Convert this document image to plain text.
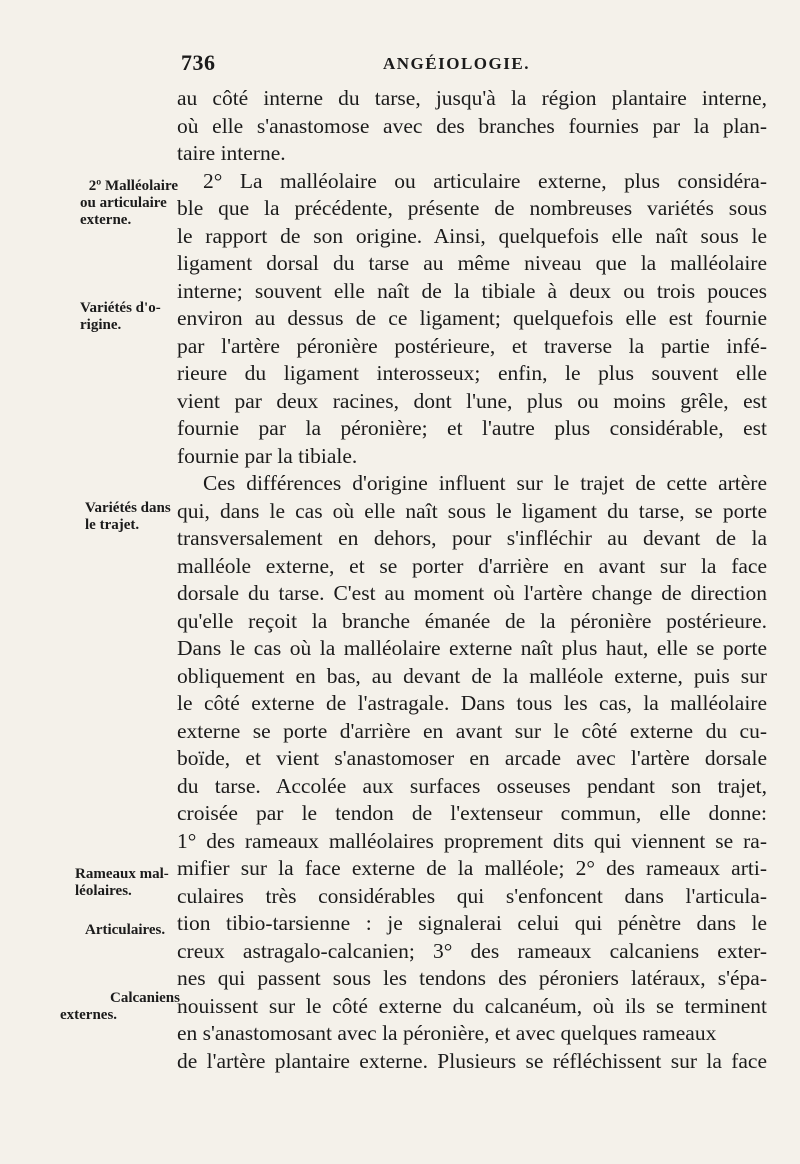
736	ANGÉIOLOGIE.
2º Malléolaire
ou articulaire
externe.
Variétés d'o-
rigine.
Variétés dans
le trajet.
Rameaux mal-
léolaires.
Articulaires.
Calcaniens
externes.
au côté interne du tarse, jusqu'à la région plantaire interne,
où elle s'anastomose avec des branches fournies par la plan-
taire interne.
2° La malléolaire ou articulaire externe, plus considéra-
ble que la précédente, présente de nombreuses variétés sous
le rapport de son origine. Ainsi, quelquefois elle naît sous le
ligament dorsal du tarse au même niveau que la malléolaire
interne; souvent elle naît de la tibiale à deux ou trois pouces
environ au dessus de ce ligament; quelquefois elle est fournie
par l'artère péronière postérieure, et traverse la partie infé-
rieure du ligament interosseux; enfin, le plus souvent elle
vient par deux racines, dont l'une, plus ou moins grêle, est
fournie par la péronière; et l'autre plus considérable, est
fournie par la tibiale.
Ces différences d'origine influent sur le trajet de cette artère
qui, dans le cas où elle naît sous le ligament du tarse, se porte
transversalement en dehors, pour s'infléchir au devant de la
malléole externe, et se porter d'arrière en avant sur la face
dorsale du tarse. C'est au moment où l'artère change de direction
qu'elle reçoit la branche émanée de la péronière postérieure.
Dans le cas où la malléolaire externe naît plus haut, elle se porte
obliquement en bas, au devant de la malléole externe, puis sur
le côté externe de l'astragale. Dans tous les cas, la malléolaire
externe se porte d'arrière en avant sur le côté externe du cu-
boïde, et vient s'anastomoser en arcade avec l'artère dorsale
du tarse. Accolée aux surfaces osseuses pendant son trajet,
croisée par le tendon de l'extenseur commun, elle donne:
1° des rameaux malléolaires proprement dits qui viennent se ra-
mifier sur la face externe de la malléole; 2° des rameaux arti-
culaires très considérables qui s'enfoncent dans l'articula-
tion tibio-tarsienne : je signalerai celui qui pénètre dans le
creux astragalo-calcanien; 3° des rameaux calcaniens exter-
nes qui passent sous les tendons des péroniers latéraux, s'épa-
nouissent sur le côté externe du calcanéum, où ils se terminent
en s'anastomosant avec la péronière, et avec quelques rameaux
de l'artère plantaire externe. Plusieurs se réfléchissent sur la face
